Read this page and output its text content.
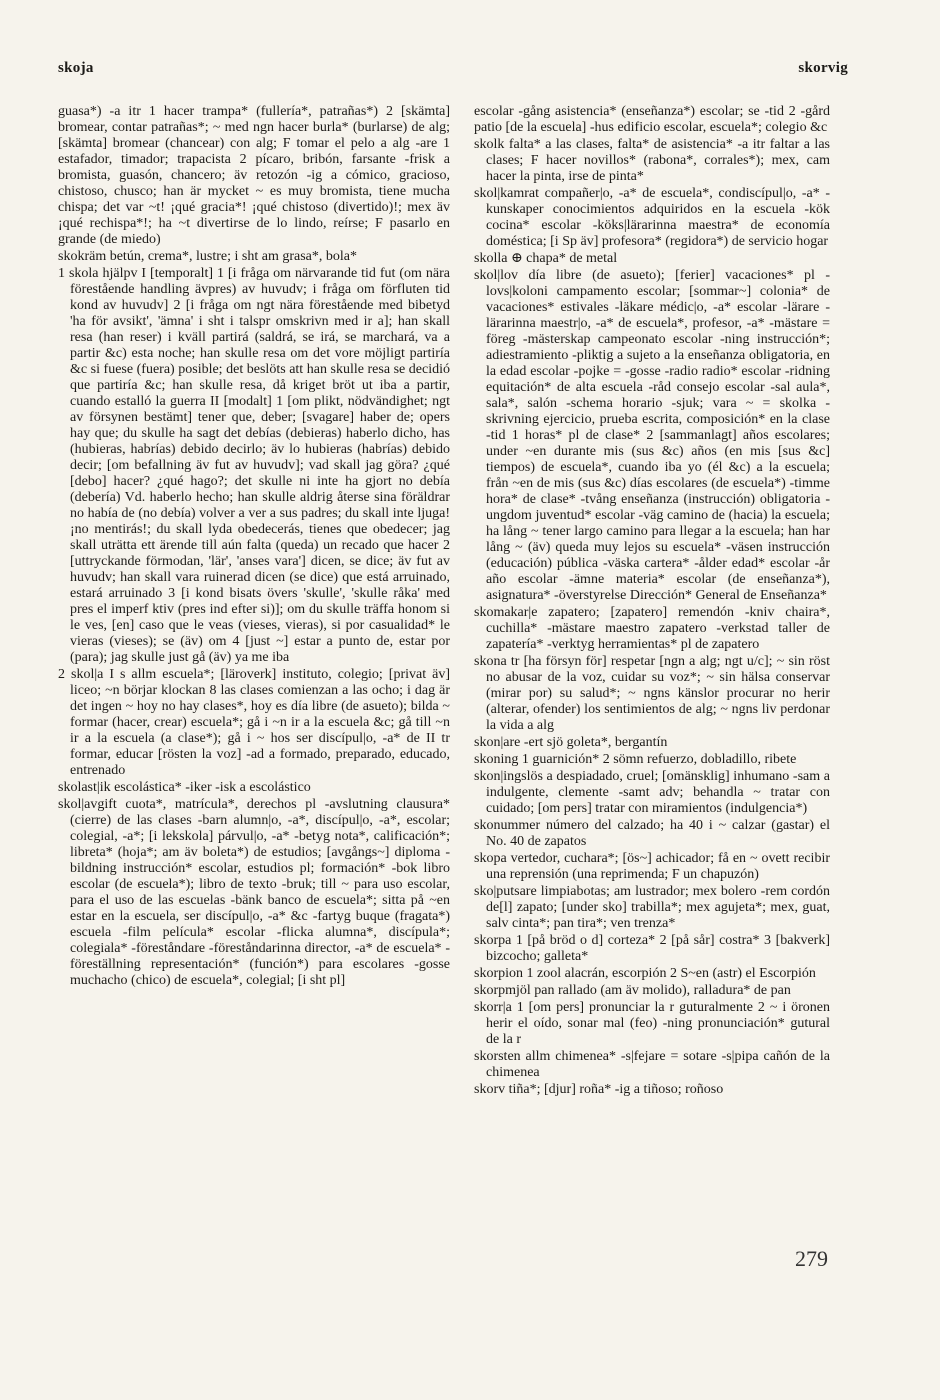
skoja	skorvig

guasa*) -a itr 1 hacer trampa* (fullería*, patrañas*) 2 [skämta] bromear, contar patrañas*; ~ med ngn hacer burla* (burlarse) de alg; [skämta] bromear (chancear) con alg; F tomar el pelo a alg -are 1 estafador, timador; trapacista 2 pícaro, bribón, farsante -frisk a bromista, guasón, chancero; äv retozón -ig a cómico, gracioso, chistoso, chusco; han är mycket ~ es muy bromista, tiene mucha chispa; det var ~t! ¡qué gracia*! ¡qué chistoso (divertido)!; mex äv ¡qué rechispa*!; ha ~t divertirse de lo lindo, reírse; F pasarlo en grande (de miedo)

skokräm betún, crema*, lustre; i sht am grasa*, bola*

1 skola hjälpv I [temporalt] 1 [i fråga om närvarande tid fut (om nära förestående handling ävpres) av huvudv; i fråga om förfluten tid kond av huvudv] 2 [i fråga om ngt nära förestående med bibetyd 'ha för avsikt', 'ämna' i sht i talspr omskrivn med ir a]; han skall resa (han reser) i kväll partirá (saldrá, se irá, se marchará, va a partir &c) esta noche; han skulle resa om det vore möjligt partiría &c si fuese (fuera) posible; det beslöts att han skulle resa se decidió que partiría &c; han skulle resa, då kriget bröt ut iba a partir, cuando estalló la guerra II [modalt] 1 [om plikt, nödvändighet; ngt av försynen bestämt] tener que, deber; [svagare] haber de; opers hay que; du skulle ha sagt det debías (debieras) haberlo dicho, has (hubieras, habrías) debido decirlo; äv lo hubieras (habrías) debido decir; [om befallning äv fut av huvudv]; vad skall jag göra? ¿qué [debo] hacer? ¿qué hago?; det skulle ni inte ha gjort no debía (debería) Vd. haberlo hecho; han skulle aldrig återse sina föräldrar no había de (no debía) volver a ver a sus padres; du skall inte ljuga! ¡no mentirás!; du skall lyda obedecerás, tienes que obedecer; jag skall uträtta ett ärende till aún falta (queda) un recado que hacer 2 [uttryckande förmodan, 'lär', 'anses vara'] dicen, se dice; äv fut av huvudv; han skall vara ruinerad dicen (se dice) que está arruinado, estará arruinado 3 [i kond bisats övers 'skulle', 'skulle råka' med pres el imperf ktiv (pres ind efter si)]; om du skulle träffa honom si le ves, [en] caso que le veas (vieses, vieras), si por casualidad* le vieras (vieses); se (äv) om 4 [just ~] estar a punto de, estar por (para); jag skulle just gå (äv) ya me iba

2 skol|a I s allm escuela*; [läroverk] instituto, colegio; [privat äv] liceo; ~n börjar klockan 8 las clases comienzan a las ocho; i dag är det ingen ~ hoy no hay clases*, hoy es día libre (de asueto); bilda ~ formar (hacer, crear) escuela*; gå i ~n ir a la escuela &c; gå till ~n ir a la escuela (a clase*); gå i ~ hos ser discípul|o, -a* de II tr formar, educar [rösten la voz] -ad a formado, preparado, educado, entrenado

skolast|ik escolástica* -iker -isk a escolástico

skol|avgift cuota*, matrícula*, derechos pl -avslutning clausura* (cierre) de las clases -barn alumn|o, -a*, discípul|o, -a*, escolar; colegial, -a*; [i lekskola] párvul|o, -a* -betyg nota*, calificación*; libreta* (hoja*; am äv boleta*) de estudios; [avgångs~] diploma -bildning instrucción* escolar, estudios pl; formación* -bok libro escolar (de escuela*); libro de texto -bruk; till ~ para uso escolar, para el uso de las escuelas -bänk banco de escuela*; sitta på ~en estar en la escuela, ser discípul|o, -a* &c -fartyg buque (fragata*) escuela -film película* escolar -flicka alumna*, discípula*; colegiala* -föreståndare -föreståndarinna director, -a* de escuela* -föreställning representación* (función*) para escolares -gosse muchacho (chico) de escuela*, colegial; [i sht pl]

escolar -gång asistencia* (enseñanza*) escolar; se -tid 2 -gård patio [de la escuela] -hus edificio escolar, escuela*; colegio &c

skolk falta* a las clases, falta* de asistencia* -a itr faltar a las clases; F hacer novillos* (rabona*, corrales*); mex, cam hacer la pinta, irse de pinta*

skol|kamrat compañer|o, -a* de escuela*, condiscípul|o, -a* -kunskaper conocimientos adquiridos en la escuela -kök cocina* escolar -köks|lärarinna maestra* de economía doméstica; [i Sp äv] profesora* (regidora*) de servicio hogar

skolla ⊕ chapa* de metal

skol|lov día libre (de asueto); [ferier] vacaciones* pl -lovs|koloni campamento escolar; [sommar~] colonia* de vacaciones* estivales -läkare médic|o, -a* escolar -lärare -lärarinna maestr|o, -a* de escuela*, profesor, -a* -mästare = föreg -mästerskap campeonato escolar -ning instrucción*; adiestramiento -pliktig a sujeto a la enseñanza obligatoria, en la edad escolar -pojke = -gosse -radio radio* escolar -ridning equitación* de alta escuela -råd consejo escolar -sal aula*, sala*, salón -schema horario -sjuk; vara ~ = skolka -skrivning ejercicio, prueba escrita, composición* en la clase -tid 1 horas* pl de clase* 2 [sammanlagt] años escolares; under ~en durante mis (sus &c) años (en mis [sus &c] tiempos) de escuela*, cuando iba yo (él &c) a la escuela; från ~en de mis (sus &c) días escolares (de escuela*) -timme hora* de clase* -tvång enseñanza (instrucción) obligatoria -ungdom juventud* escolar -väg camino de (hacia) la escuela; ha lång ~ tener largo camino para llegar a la escuela; han har lång ~ (äv) queda muy lejos su escuela* -väsen instrucción (educación) pública -väska cartera* -ålder edad* escolar -år año escolar -ämne materia* escolar (de enseñanza*), asignatura* -överstyrelse Dirección* General de Enseñanza*

skomakar|e zapatero; [zapatero] remendón -kniv chaira*, cuchilla* -mästare maestro zapatero -verkstad taller de zapatería* -verktyg herramientas* pl de zapatero

skona tr [ha försyn för] respetar [ngn a alg; ngt u/c]; ~ sin röst no abusar de la voz, cuidar su voz*; ~ sin hälsa conservar (mirar por) su salud*; ~ ngns känslor procurar no herir (alterar, ofender) los sentimientos de alg; ~ ngns liv perdonar la vida a alg

skon|are -ert sjö goleta*, bergantín

skoning 1 guarnición* 2 sömn refuerzo, dobladillo, ribete

skon|ingslös a despiadado, cruel; [omänsklig] inhumano -sam a indulgente, clemente -samt adv; behandla ~ tratar con cuidado; [om pers] tratar con miramientos (indulgencia*)

skonummer número del calzado; ha 40 i ~ calzar (gastar) el No. 40 de zapatos

skopa vertedor, cuchara*; [ös~] achicador; få en ~ ovett recibir una reprensión (una reprimenda; F un chapuzón)

sko|putsare limpiabotas; am lustrador; mex bolero -rem cordón de[l] zapato; [under sko] trabilla*; mex agujeta*; mex, guat, salv cinta*; pan tira*; ven trenza*

skorpa 1 [på bröd o d] corteza* 2 [på sår] costra* 3 [bakverk] bizcocho; galleta*

skorpion 1 zool alacrán, escorpión 2 S~en (astr) el Escorpión

skorpmjöl pan rallado (am äv molido), ralladura* de pan

skorr|a 1 [om pers] pronunciar la r guturalmente 2 ~ i öronen herir el oído, sonar mal (feo) -ning pronunciación* gutural de la r

skorsten allm chimenea* -s|fejare = sotare -s|pipa cañón de la chimenea

skorv tiña*; [djur] roña* -ig a tiñoso; roñoso

279
